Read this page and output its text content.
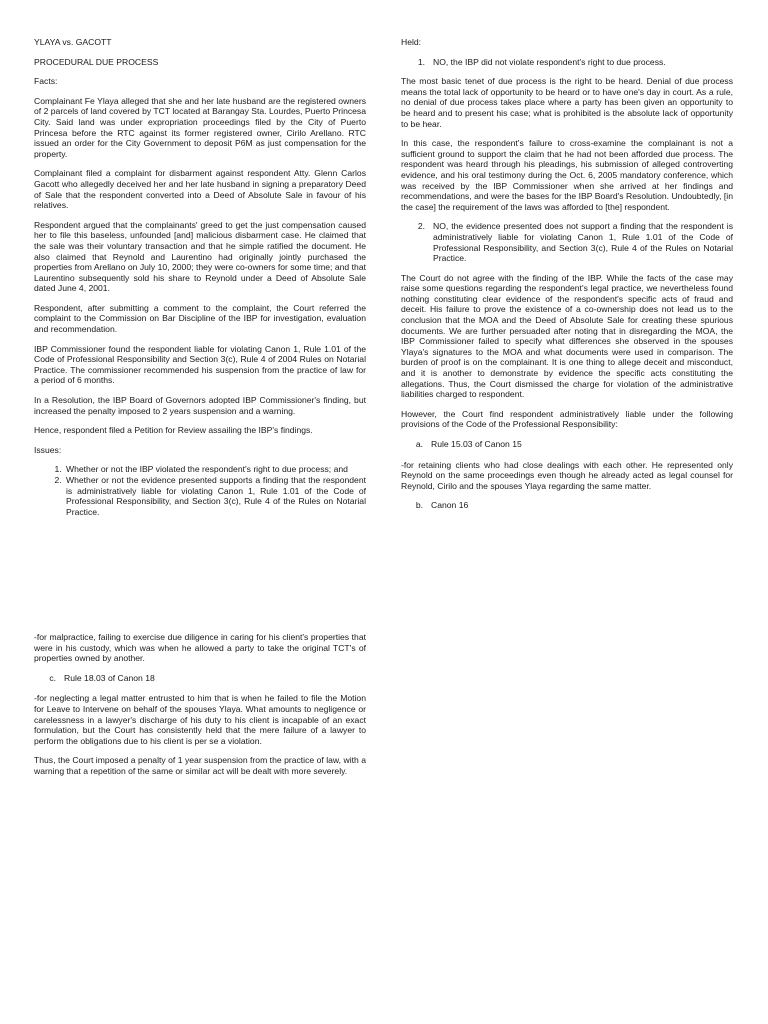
YLAYA vs. GACOTT

PROCEDURAL DUE PROCESS

Facts:

Complainant Fe Ylaya alleged that she and her late husband are the registered owners of 2 parcels of land covered by TCT located at Barangay Sta. Lourdes, Puerto Princesa City. Said land was under expropriation proceedings filed by the City of Puerto Princesa before the RTC against its former registered owner, Cirilo Arellano. RTC issued an order for the City Government to deposit P6M as just compensation for the property.

Complainant filed a complaint for disbarment against respondent Atty. Glenn Carlos Gacott who allegedly deceived her and her late husband in signing a preparatory Deed of Sale that the respondent converted into a Deed of Absolute Sale in favour of his relatives.

Respondent argued that the complainants' greed to get the just compensation caused her to file this baseless, unfounded [and] malicious disbarment case. He claimed that the sale was their voluntary transaction and that he simple ratified the document. He also claimed that Reynold and Laurentino had originally jointly purchased the properties from Arellano on July 10, 2000; they were co-owners for some time; and that Laurentino subsequently sold his share to Reynold under a Deed of Absolute Sale dated June 4, 2001.

Respondent, after submitting a comment to the complaint, the Court referred the complaint to the Commission on Bar Discipline of the IBP for investigation, evaluation and recommendation.

IBP Commissioner found the respondent liable for violating Canon 1, Rule 1.01 of the Code of Professional Responsibility and Section 3(c), Rule 4 of 2004 Rules on Notarial Practice. The commissioner recommended his suspension from the practice of law for a period of 6 months.

In a Resolution, the IBP Board of Governors adopted IBP Commissioner's finding, but increased the penalty imposed to 2 years suspension and a warning.

Hence, respondent filed a Petition for Review assailing the IBP's findings.

Issues:

1. Whether or not the IBP violated the respondent's right to due process; and
2. Whether or not the evidence presented supports a finding that the respondent is administratively liable for violating Canon 1, Rule 1.01 of the Code of Professional Responsibility, and Section 3(c), Rule 4 of the Rules on Notarial Practice.

Held:

1. NO, the IBP did not violate respondent's right to due process.

The most basic tenet of due process is the right to be heard. Denial of due process means the total lack of opportunity to be heard or to have one's day in court. As a rule, no denial of due process takes place where a party has been given an opportunity to be heard and to present his case; what is prohibited is the absolute lack of opportunity to be hear.

In this case, the respondent's failure to cross-examine the complainant is not a sufficient ground to support the claim that he had not been afforded due process. The respondent was heard through his pleadings, his submission of alleged controverting evidence, and his oral testimony during the Oct. 6, 2005 mandatory conference, which was received by the IBP Commissioner when she arrived at her findings and recommendations, and were the bases for the IBP Board's Resolution. Undoubtedly, [in the case] the requirement of the laws was afforded to [the] respondent.

2. NO, the evidence presented does not support a finding that the respondent is administratively liable for violating Canon 1, Rule 1.01 of the Code of Professional Responsibility, and Section 3(c), Rule 4 of the Rules on Notarial Practice.

The Court do not agree with the finding of the IBP. While the facts of the case may raise some questions regarding the respondent's legal practice, we nevertheless found nothing constituting clear evidence of the respondent's specific acts of fraud and deceit. His failure to prove the existence of a co-ownership does not lead us to the conclusion that the MOA and the Deed of Absolute Sale for creating these spurious documents. We are further persuaded after noting that in disregarding the MOA, the IBP Commissioner failed to specify what differences she observed in the spouses Ylaya's signatures to the MOA and what documents were used in comparison. The burden of proof is on the complainant. It is one thing to allege deceit and misconduct, and it is another to demonstrate by evidence the specific acts constituting the allegations. Thus, the Court dismissed the charge for violation of the administrative liabilities charged to respondent.

However, the Court find respondent administratively liable under the following provisions of the Code of the Professional Responsibility:

a. Rule 15.03 of Canon 15

-for retaining clients who had close dealings with each other. He represented only Reynold on the same proceedings even though he already acted as legal counsel for Reynold, Cirilo and the spouses Ylaya regarding the same matter.

b. Canon 16

-for malpractice, failing to exercise due diligence in caring for his client's properties that were in his custody, which was when he allowed a party to take the original TCT's of properties owned by another.

c. Rule 18.03 of Canon 18

-for neglecting a legal matter entrusted to him that is when he failed to file the Motion for Leave to Intervene on behalf of the spouses Ylaya. What amounts to negligence or carelessness in a lawyer's discharge of his duty to his client is incapable of an exact formulation, but the Court has consistently held that the mere failure of a lawyer to perform the obligations due to his client is per se a violation.

Thus, the Court imposed a penalty of 1 year suspension from the practice of law, with a warning that a repetition of the same or similar act will be dealt with more severely.
